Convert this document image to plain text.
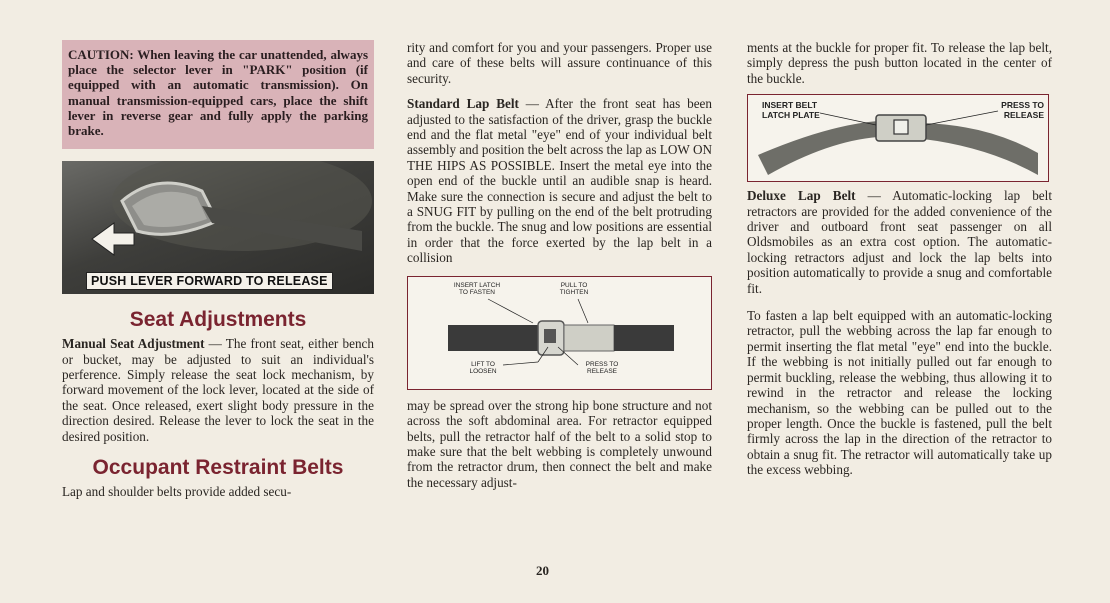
CAUTION: When leaving the car unattended, always place the selector lever in "PARK" position (if equipped with an automatic transmission). On manual transmission-equipped cars, place the shift lever in reverse gear and fully apply the parking brake.
PUSH LEVER FORWARD TO RELEASE
Seat Adjustments

Manual Seat Adjustment — The front seat, either bench or bucket, may be adjusted to suit an individual's perference. Simply release the seat lock mechanism, by forward movement of the lock lever, located at the side of the seat. Once released, exert slight body pressure in the direction desired. Release the lever to lock the seat in the desired position.

Occupant Restraint Belts

Lap and shoulder belts provide added secu-

rity and comfort for you and your passengers. Proper use and care of these belts will assure continuance of this security.

Standard Lap Belt — After the front seat has been adjusted to the satisfaction of the driver, grasp the buckle end and the flat metal "eye" end of your individual belt assembly and position the belt across the lap as LOW ON THE HIPS AS POSSIBLE. Insert the metal eye into the open end of the buckle until an audible snap is heard. Make sure the connection is secure and adjust the belt to a SNUG FIT by pulling on the end of the belt protruding from the buckle. The snug and low positions are essential in order that the force exerted by the lap belt in a collision

INSERT LATCH TO FASTEN
PULL TO TIGHTEN
LIFT TO LOOSEN
PRESS TO RELEASE

may be spread over the strong hip bone structure and not across the soft abdominal area. For retractor equipped belts, pull the retractor half of the belt to a solid stop to make sure that the belt webbing is completely unwound from the retractor drum, then connect the belt and make the necessary adjust-

ments at the buckle for proper fit. To release the lap belt, simply depress the push button located in the center of the buckle.

INSERT BELT LATCH PLATE
PRESS TO RELEASE

Deluxe Lap Belt — Automatic-locking lap belt retractors are provided for the added convenience of the driver and outboard front seat passenger on all Oldsmobiles as an extra cost option. The automatic-locking retractors adjust and lock the lap belts into position automatically to provide a snug and comfortable fit.

To fasten a lap belt equipped with an automatic-locking retractor, pull the webbing across the lap far enough to permit inserting the flat metal "eye" end into the buckle. If the webbing is not initially pulled out far enough to permit buckling, release the webbing, thus allowing it to rewind in the retractor and release the locking mechanism, so the webbing can be pulled out to the proper length. Once the buckle is fastened, pull the belt firmly across the lap in the direction of the retractor to obtain a snug fit. The retractor will automatically take up the excess webbing.

20
